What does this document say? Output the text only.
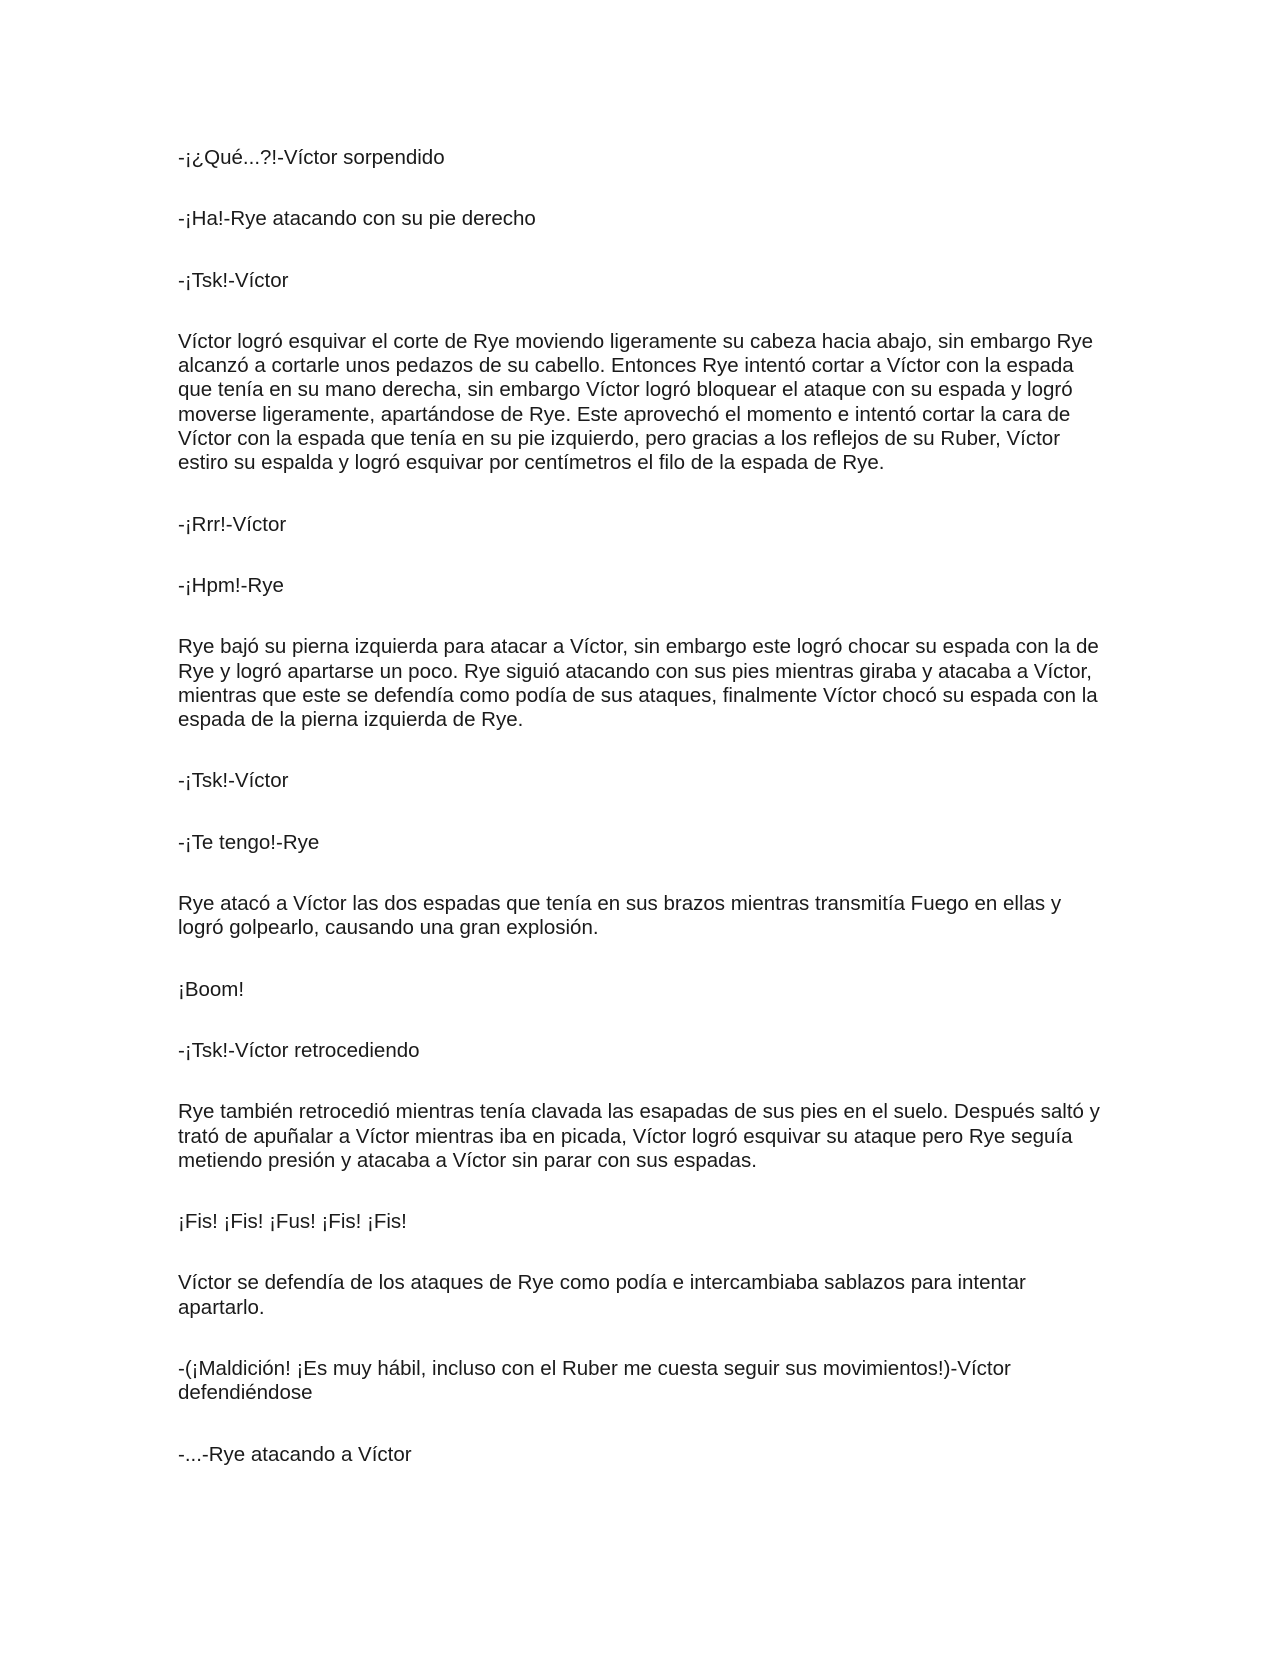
-¡¿Qué...?!-Víctor sorpendido

-¡Ha!-Rye atacando con su pie derecho

-¡Tsk!-Víctor

Víctor logró esquivar el corte de Rye moviendo ligeramente su cabeza hacia abajo, sin embargo Rye alcanzó a cortarle unos pedazos de su cabello. Entonces Rye intentó cortar a Víctor con la espada que tenía en su mano derecha, sin embargo Víctor logró bloquear el ataque con su espada y logró moverse ligeramente, apartándose de Rye. Este aprovechó el momento e intentó cortar la cara de Víctor con la espada que tenía en su pie izquierdo, pero gracias a los reflejos de su Ruber, Víctor estiro su espalda y logró esquivar por centímetros el filo de la espada de Rye.

-¡Rrr!-Víctor

-¡Hpm!-Rye

Rye bajó su pierna izquierda para atacar a Víctor, sin embargo este logró chocar su espada con la de Rye y logró apartarse un poco. Rye siguió atacando con sus pies mientras giraba y atacaba a Víctor, mientras que este se defendía como podía de sus ataques, finalmente Víctor chocó su espada con la espada de la pierna izquierda de Rye.

-¡Tsk!-Víctor

-¡Te tengo!-Rye

Rye atacó a Víctor las dos espadas que tenía en sus brazos mientras transmitía Fuego en ellas y logró golpearlo, causando una gran explosión.

¡Boom!

-¡Tsk!-Víctor retrocediendo

Rye también retrocedió mientras tenía clavada las esapadas de sus pies en el suelo. Después saltó y trató de apuñalar a Víctor mientras iba en picada, Víctor logró esquivar su ataque pero Rye seguía metiendo presión y atacaba a Víctor sin parar con sus espadas.

¡Fis! ¡Fis! ¡Fus! ¡Fis! ¡Fis!

Víctor se defendía de los ataques de Rye como podía e intercambiaba sablazos para intentar apartarlo.

-(¡Maldición! ¡Es muy hábil, incluso con el Ruber me cuesta seguir sus movimientos!)-Víctor defendiéndose

-...-Rye atacando a Víctor
